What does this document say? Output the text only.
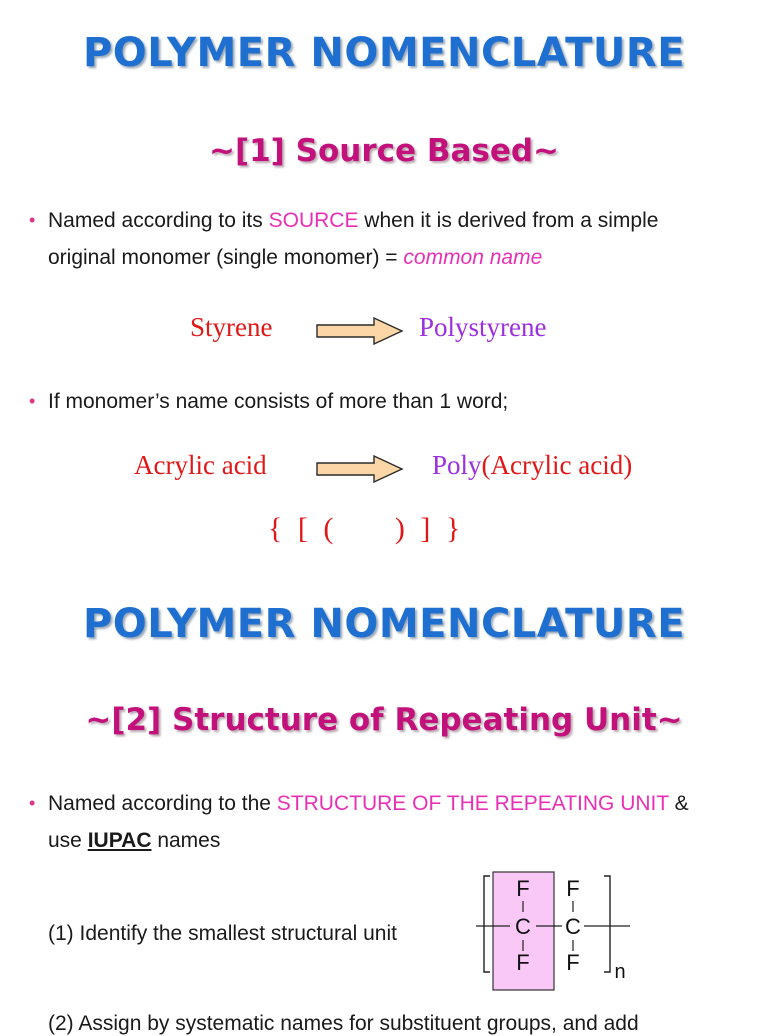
POLYMER NOMENCLATURE
~[1] Source Based~
• Named according to its SOURCE when it is derived from a simple
original monomer (single monomer) = common name
Styrene	Polystyrene
• If monomer’s name consists of more than 1 word;
Acrylic acid	Poly(Acrylic acid)
{ [ (     ) ] }
POLYMER NOMENCLATURE
~[2] Structure of Repeating Unit~
• Named according to the STRUCTURE OF THE REPEATING UNIT &
use IUPAC names
(1) Identify the smallest structural unit
F F
C C
F F n
(2) Assign by systematic names for substituent groups, and add
